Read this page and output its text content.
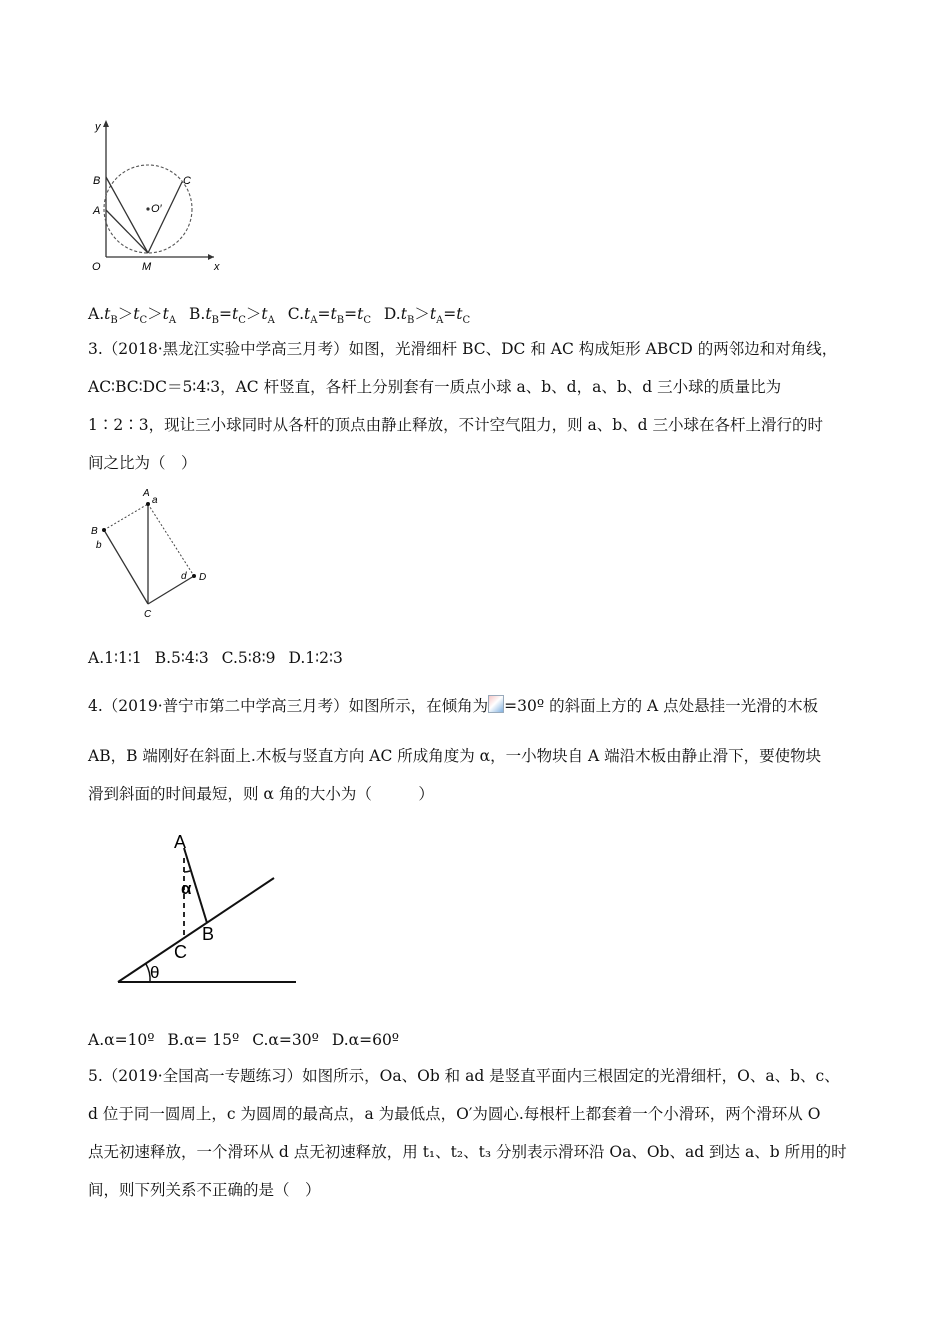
y
x
O	M
B
A
C
O′
$A.t_B>t_C>t_A$ $B.t_B=t_C>t_A$ $C.t_A=t_B=t_C$ $D.t_B>t_A=t_C$
3.（2018·黑龙江实验中学高三月考）如图，光滑细杆 BC、DC 和 AC 构成矩形 ABCD 的两邻边和对角线，
AC∶BC∶DC＝5∶4∶3，AC 杆竖直，各杆上分别套有一质点小球 a、b、d，a、b、d 三小球的质量比为
1∶2∶3，现让三小球同时从各杆的顶点由静止释放，不计空气阻力，则 a、b、d 三小球在各杆上滑行的时
间之比为（　）
A
a
B
b
C
D
d
A.1∶1∶1 B.5∶4∶3 C.5∶8∶9 D.1∶2∶3
4.（2019·普宁市第二中学高三月考）如图所示，在倾角为 =30º 的斜面上方的 A 点处悬挂一光滑的木板
AB，B 端刚好在斜面上.木板与竖直方向 AC 所成角度为 α，一小物块自 A 端沿木板由静止滑下，要使物块
滑到斜面的时间最短，则 α 角的大小为（　　　）
A
B
C
α
θ
A.α=10º B.α= 15º C.α=30º D.α=60º
5.（2019·全国高一专题练习）如图所示，Oa、Ob 和 ad 是竖直平面内三根固定的光滑细杆，O、a、b、c、
d 位于同一圆周上，c 为圆周的最高点，a 为最低点，O′为圆心.每根杆上都套着一个小滑环，两个滑环从 O
点无初速释放，一个滑环从 d 点无初速释放，用 t₁、t₂、t₃ 分别表示滑环沿 Oa、Ob、ad 到达 a、b 所用的时
间，则下列关系不正确的是（　）
